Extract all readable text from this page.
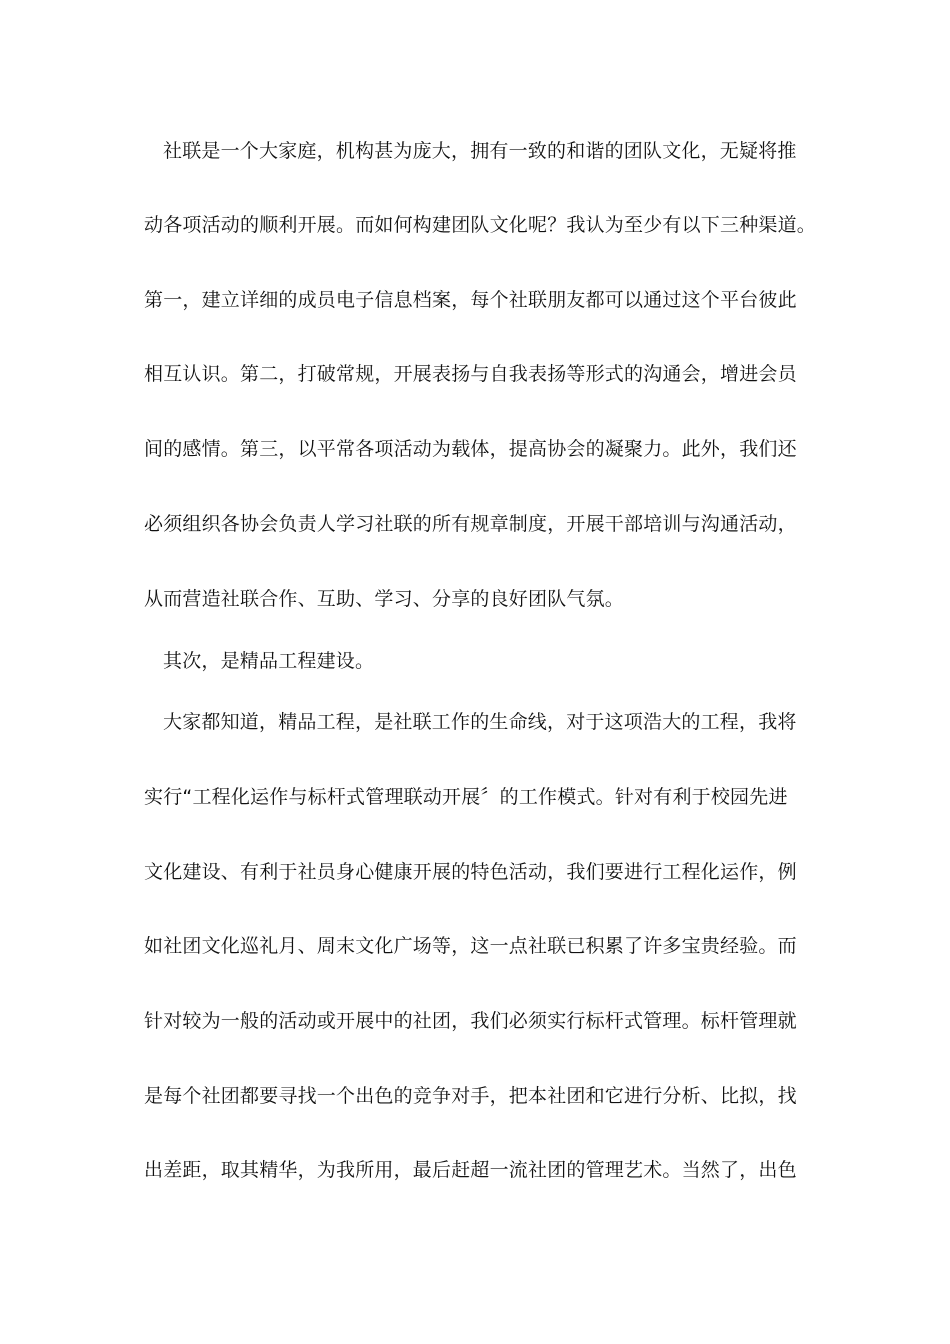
社联是一个大家庭，机构甚为庞大，拥有一致的和谐的团队文化，无疑将推
动各项活动的顺利开展。而如何构建团队文化呢？我认为至少有以下三种渠道。
第一，建立详细的成员电子信息档案，每个社联朋友都可以通过这个平台彼此
相互认识。第二，打破常规，开展表扬与自我表扬等形式的沟通会，增进会员
间的感情。第三，以平常各项活动为载体，提高协会的凝聚力。此外，我们还
必须组织各协会负责人学习社联的所有规章制度，开展干部培训与沟通活动，
从而营造社联合作、互助、学习、分享的良好团队气氛。
其次，是精品工程建设。
大家都知道，精品工程，是社联工作的生命线，对于这项浩大的工程，我将
实行“工程化运作与标杆式管理联动开展〞的工作模式。针对有利于校园先进
文化建设、有利于社员身心健康开展的特色活动，我们要进行工程化运作，例
如社团文化巡礼月、周末文化广场等，这一点社联已积累了许多宝贵经验。而
针对较为一般的活动或开展中的社团，我们必须实行标杆式管理。标杆管理就
是每个社团都要寻找一个出色的竞争对手，把本社团和它进行分析、比拟，找
出差距，取其精华，为我所用，最后赶超一流社团的管理艺术。当然了，出色
